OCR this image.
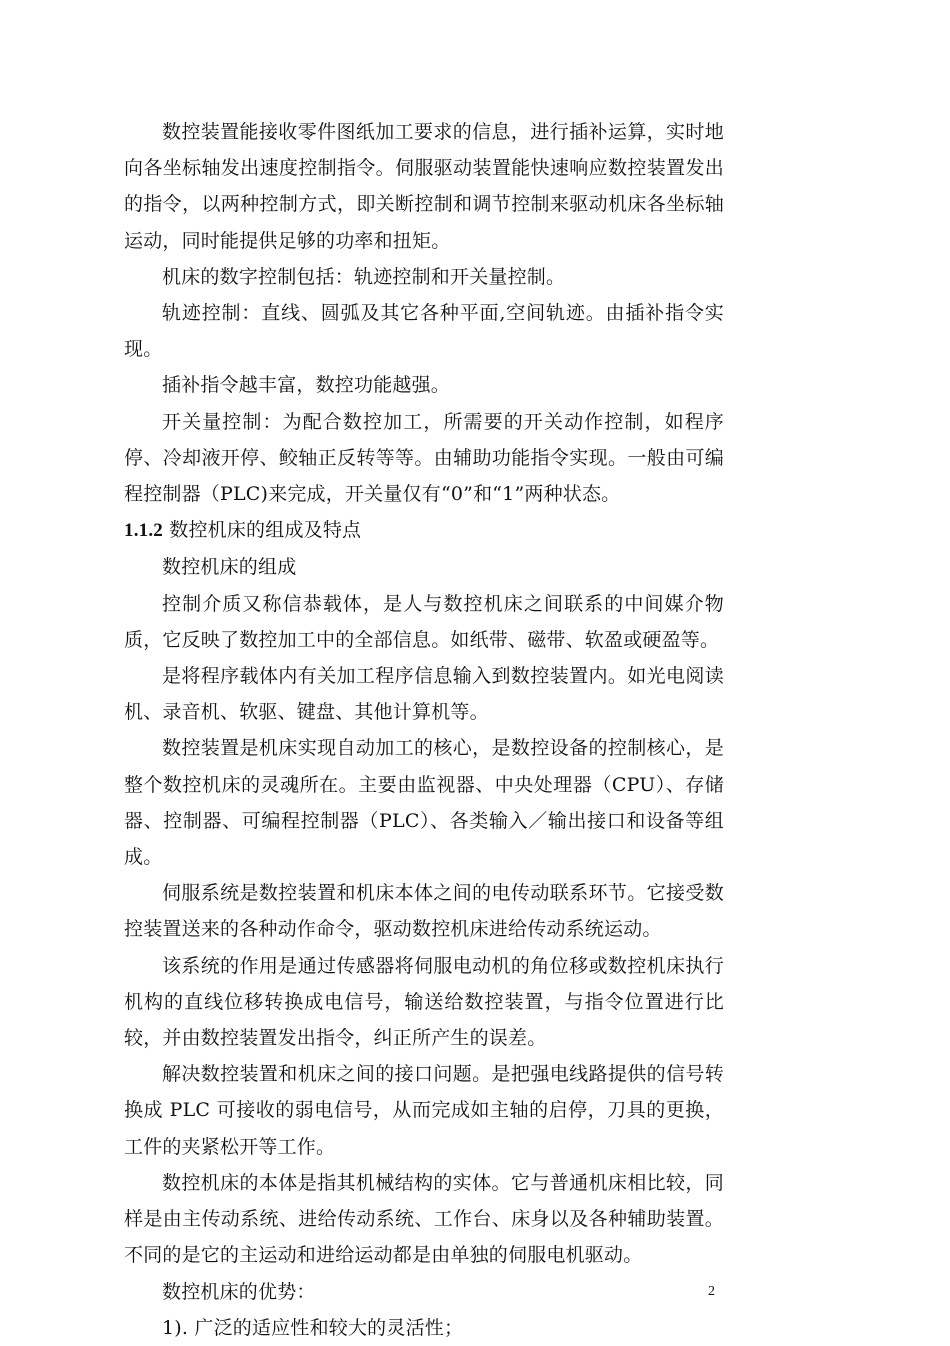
数控装置能接收零件图纸加工要求的信息，进行插补运算，实时地向各坐标轴发出速度控制指令。伺服驱动装置能快速响应数控装置发出的指令，以两种控制方式，即关断控制和调节控制来驱动机床各坐标轴运动，同时能提供足够的功率和扭矩。

机床的数字控制包括：轨迹控制和开关量控制。

轨迹控制：直线、圆弧及其它各种平面,空间轨迹。由插补指令实现。

插补指令越丰富，数控功能越强。

开关量控制：为配合数控加工，所需要的开关动作控制，如程序停、冷却液开停、鲛轴正反转等等。由辅助功能指令实现。一般由可编程控制器（PLC)来完成，开关量仅有“0”和“1”两种状态。

1.1.2 数控机床的组成及特点

数控机床的组成

控制介质又称信恭载体，是人与数控机床之间联系的中间媒介物质，它反映了数控加工中的全部信息。如纸带、磁带、软盈或硬盈等。

是将程序载体内有关加工程序信息输入到数控装置内。如光电阅读机、录音机、软驱、键盘、其他计算机等。

数控装置是机床实现自动加工的核心，是数控设备的控制核心，是整个数控机床的灵魂所在。主要由监视器、中央处理器（CPU）、存储器、控制器、可编程控制器（PLC）、各类输入／输出接口和设备等组成。

伺服系统是数控装置和机床本体之间的电传动联系环节。它接受数控装置送来的各种动作命令，驱动数控机床进给传动系统运动。

该系统的作用是通过传感器将伺服电动机的角位移或数控机床执行机构的直线位移转换成电信号，输送给数控装置，与指令位置进行比较，并由数控装置发出指令，纠正所产生的误差。

解决数控装置和机床之间的接口问题。是把强电线路提供的信号转换成 PLC 可接收的弱电信号，从而完成如主轴的启停，刀具的更换，工件的夹紧松开等工作。

数控机床的本体是指其机械结构的实体。它与普通机床相比较，同样是由主传动系统、进给传动系统、工作台、床身以及各种辅助装置。不同的是它的主运动和进给运动都是由单独的伺服电机驱动。

数控机床的优势：

1). 广泛的适应性和较大的灵活性；

2
